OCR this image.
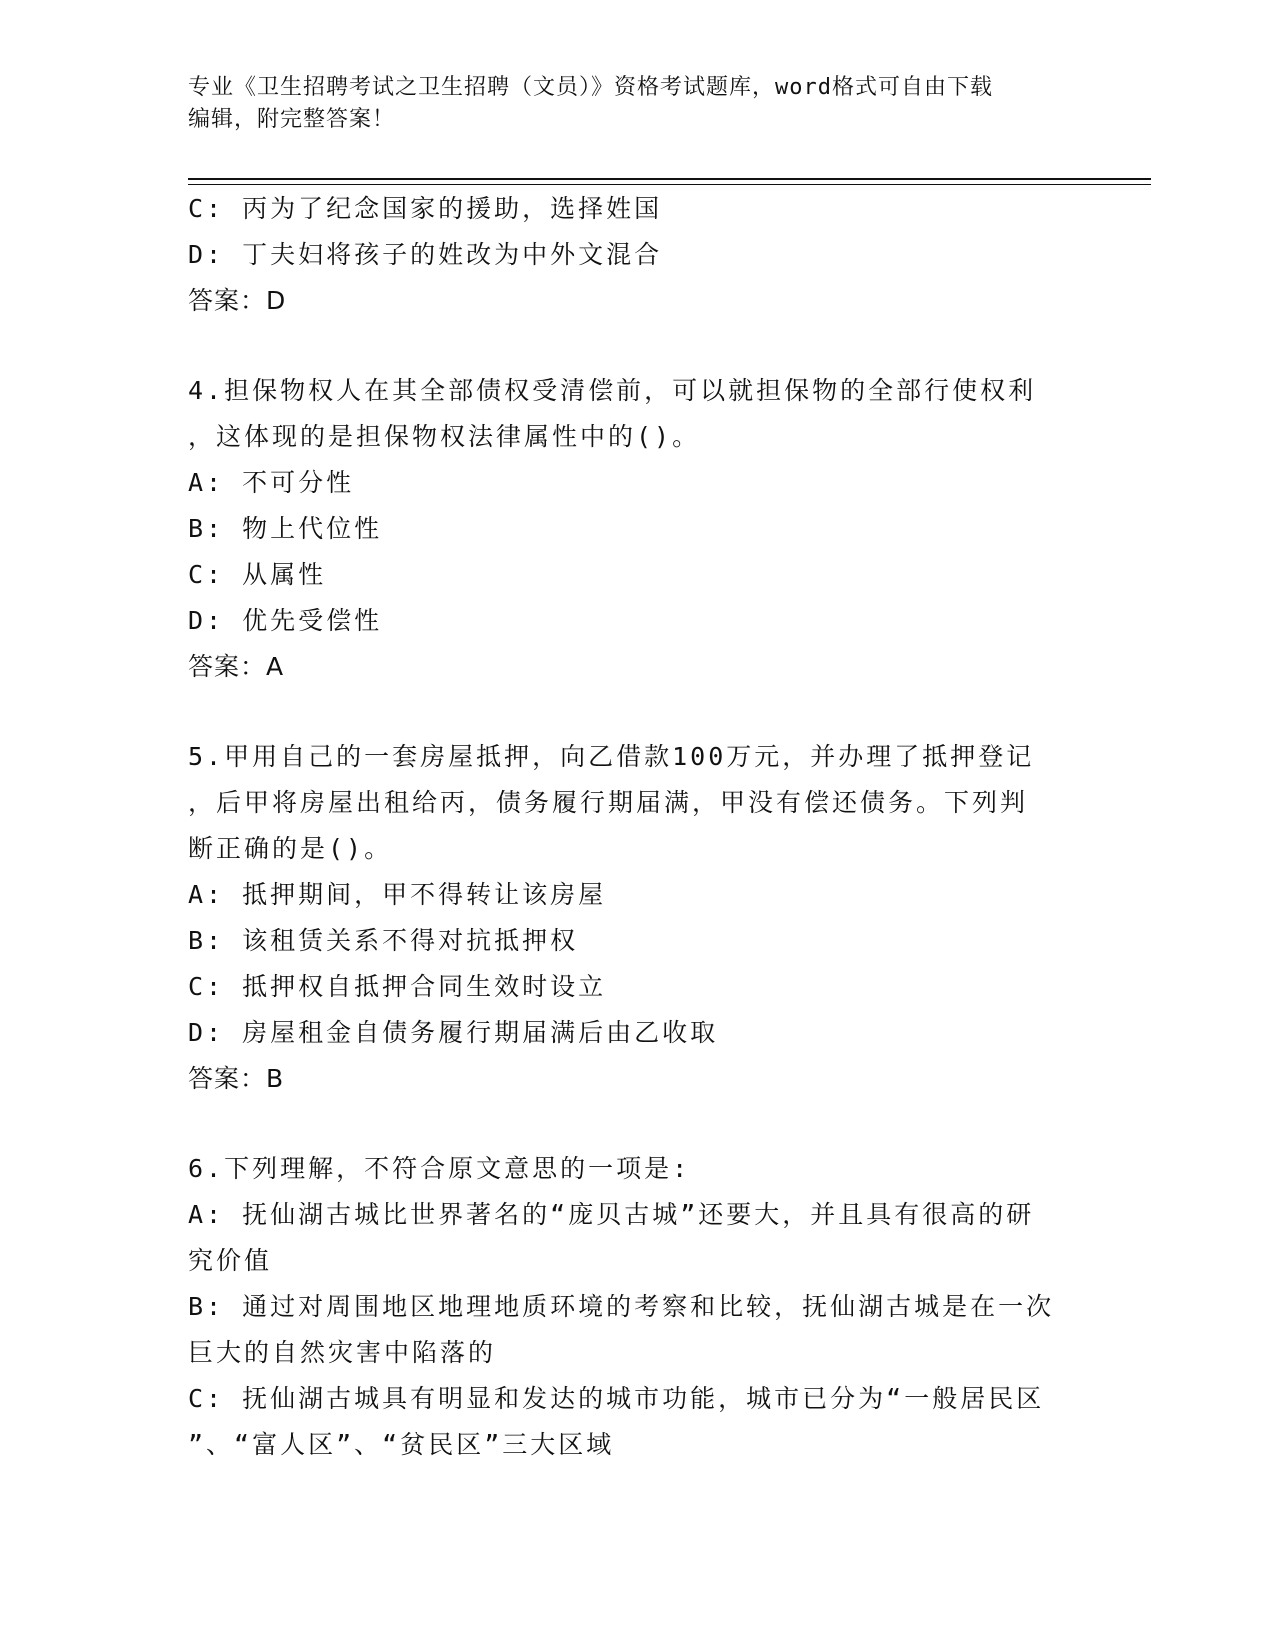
专业《卫生招聘考试之卫生招聘（文员）》资格考试题库，word格式可自由下载
编辑，附完整答案！
C: 丙为了纪念国家的援助，选择姓国
D: 丁夫妇将孩子的姓改为中外文混合
答案：D
4.担保物权人在其全部债权受清偿前，可以就担保物的全部行使权利
，这体现的是担保物权法律属性中的()。
A: 不可分性
B: 物上代位性
C: 从属性
D: 优先受偿性
答案：A
5.甲用自己的一套房屋抵押，向乙借款100万元，并办理了抵押登记
，后甲将房屋出租给丙，债务履行期届满，甲没有偿还债务。下列判
断正确的是()。
A: 抵押期间，甲不得转让该房屋
B: 该租赁关系不得对抗抵押权
C: 抵押权自抵押合同生效时设立
D: 房屋租金自债务履行期届满后由乙收取
答案：B
6.下列理解，不符合原文意思的一项是:
A: 抚仙湖古城比世界著名的“庞贝古城”还要大，并且具有很高的研
究价值
B: 通过对周围地区地理地质环境的考察和比较，抚仙湖古城是在一次
巨大的自然灾害中陷落的
C: 抚仙湖古城具有明显和发达的城市功能，城市已分为“一般居民区
”、“富人区”、“贫民区”三大区域
